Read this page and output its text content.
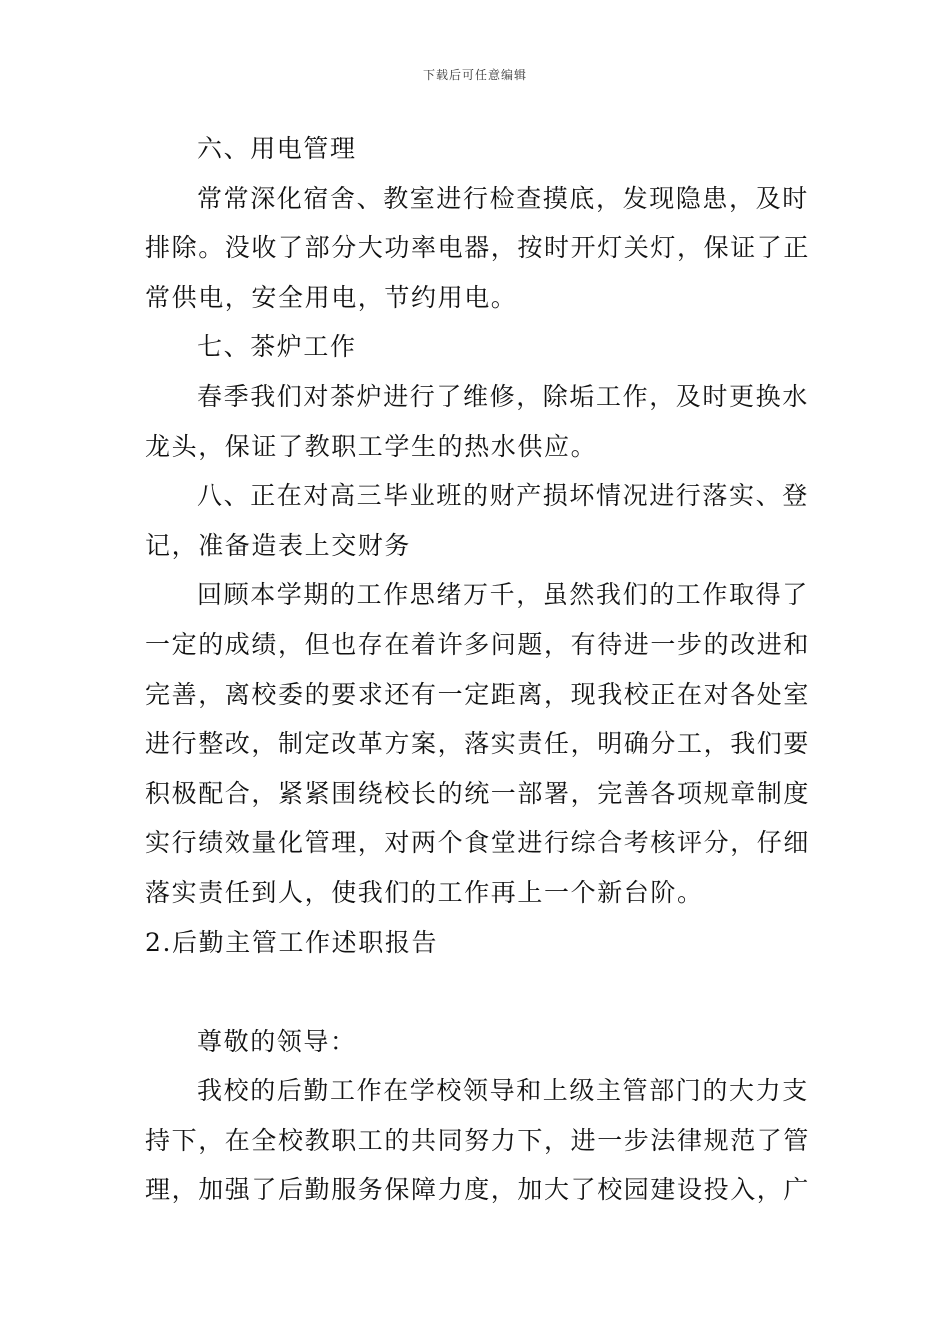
下载后可任意编辑
六、用电管理
常常深化宿舍、教室进行检查摸底，发现隐患，及时
排除。没收了部分大功率电器，按时开灯关灯，保证了正
常供电，安全用电，节约用电。
七、茶炉工作
春季我们对茶炉进行了维修，除垢工作，及时更换水
龙头，保证了教职工学生的热水供应。
八、正在对高三毕业班的财产损坏情况进行落实、登
记，准备造表上交财务
回顾本学期的工作思绪万千，虽然我们的工作取得了
一定的成绩，但也存在着许多问题，有待进一步的改进和
完善，离校委的要求还有一定距离，现我校正在对各处室
进行整改，制定改革方案，落实责任，明确分工，我们要
积极配合，紧紧围绕校长的统一部署，完善各项规章制度
实行绩效量化管理，对两个食堂进行综合考核评分，仔细
落实责任到人，使我们的工作再上一个新台阶。
2.后勤主管工作述职报告
尊敬的领导：
我校的后勤工作在学校领导和上级主管部门的大力支
持下，在全校教职工的共同努力下，进一步法律规范了管
理，加强了后勤服务保障力度，加大了校园建设投入，广
